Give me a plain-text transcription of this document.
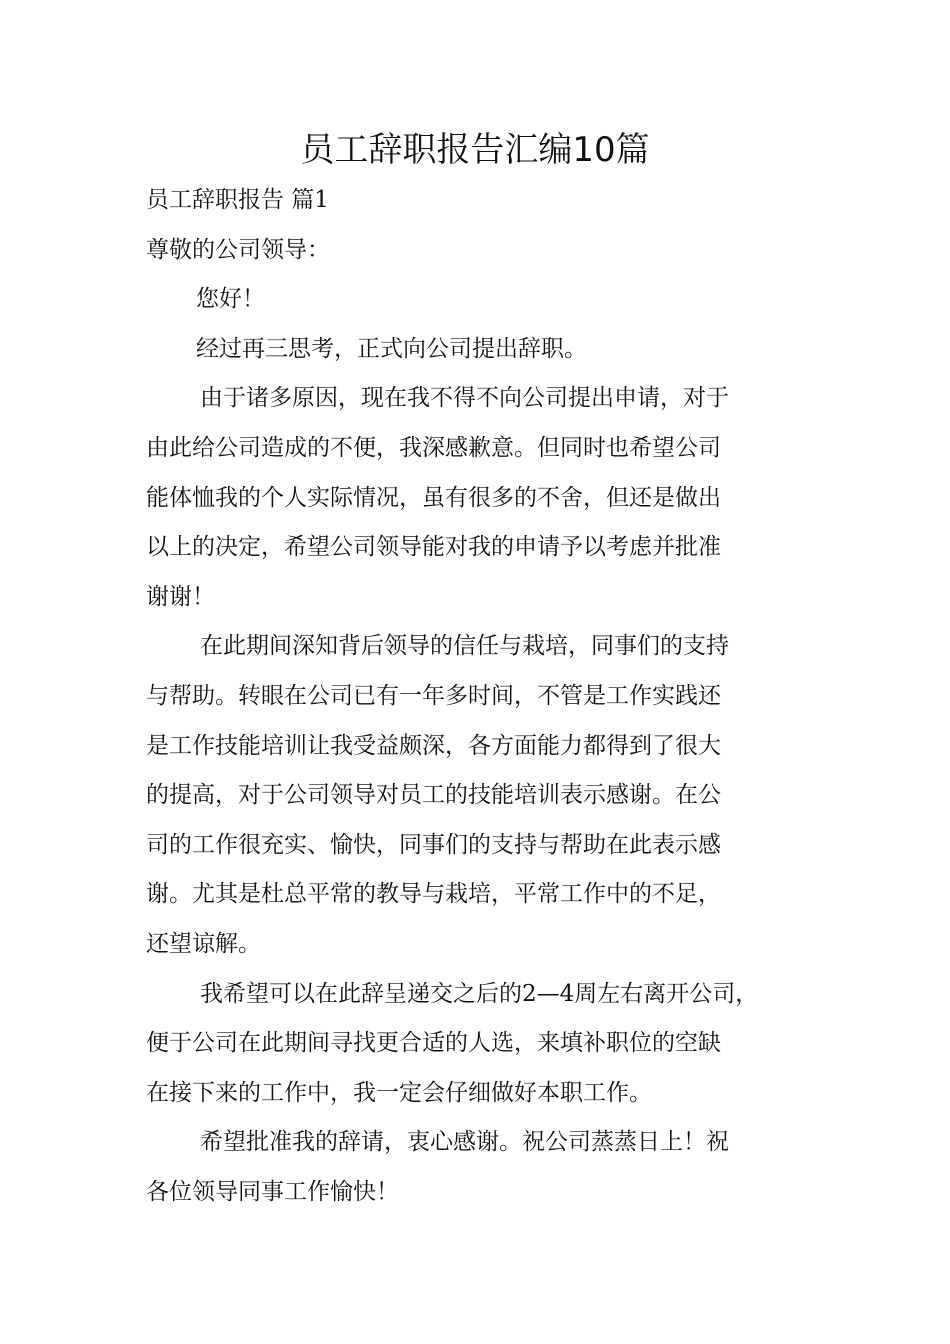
员工辞职报告汇编10篇

员工辞职报告 篇1

尊敬的公司领导：

您好！

经过再三思考，正式向公司提出辞职。

由于诸多原因，现在我不得不向公司提出申请，对于
由此给公司造成的不便，我深感歉意。但同时也希望公司
能体恤我的个人实际情况，虽有很多的不舍，但还是做出
以上的决定，希望公司领导能对我的申请予以考虑并批准
谢谢！
在此期间深知背后领导的信任与栽培，同事们的支持
与帮助。转眼在公司已有一年多时间，不管是工作实践还
是工作技能培训让我受益颇深，各方面能力都得到了很大
的提高，对于公司领导对员工的技能培训表示感谢。在公
司的工作很充实、愉快，同事们的支持与帮助在此表示感
谢。尤其是杜总平常的教导与栽培，平常工作中的不足，
还望谅解。
我希望可以在此辞呈递交之后的2—4周左右离开公司，
便于公司在此期间寻找更合适的人选，来填补职位的空缺
在接下来的工作中，我一定会仔细做好本职工作。
希望批准我的辞请，衷心感谢。祝公司蒸蒸日上！祝
各位领导同事工作愉快！
